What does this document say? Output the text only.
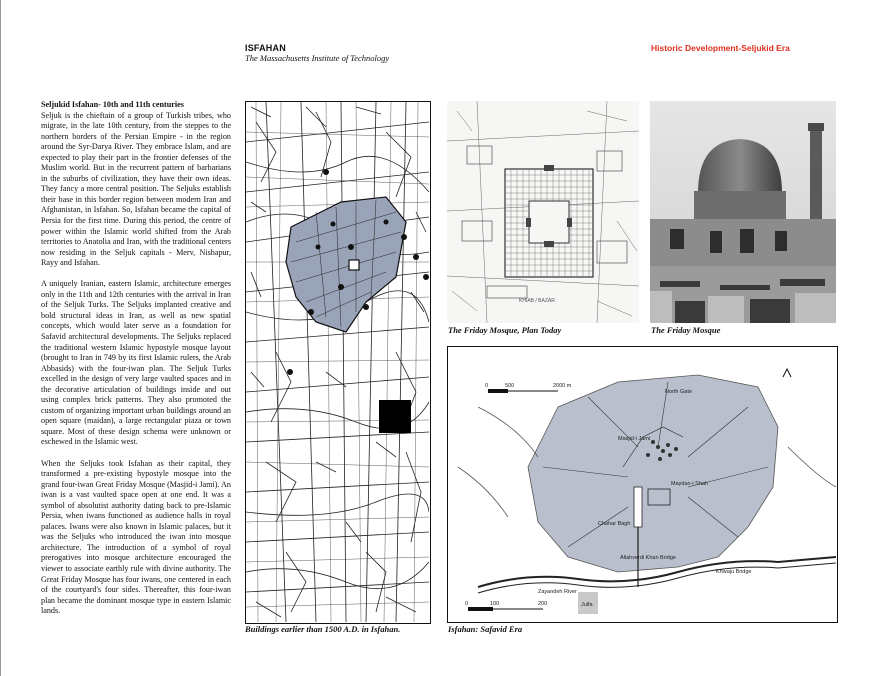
ISFAHAN
The Massachusetts Institute of Technology
Historic Development-Seljukid Era

Seljukid Isfahan- 10th and 11th centuries

Seljuk is the chieftain of a group of Turkish tribes, who migrate, in the late 10th century, from the steppes to the northern borders of the Persian Empire - in the region around the Syr-Darya River. They embrace Islam, and are expected to play their part in the frontier defenses of the Muslim world. But in the recurrent pattern of barbarians in the suburbs of civilization, they have their own ideas. They fancy a more central position. The Seljuks establish their base in this border region between modern Iran and Afghanistan, in Isfahan. So, Isfahan became the capital of Persia for the first time. During this period, the centre of power within the Islamic world shifted from the Arab territories to Anatolia and Iran, with the traditional centers now residing in the Seljuk capitals - Merv, Nishapur, Rayy and Isfahan.

A uniquely Iranian, eastern Islamic, architecture emerges only in the 11th and 12th centuries with the arrival in Iran of the Seljuk Turks. The Seljuks implanted creative and bold structural ideas in Iran, as well as new spatial concepts, which would later serve as a foundation for Safavid architectural developments. The Seljuks replaced the traditional western Islamic hypostyle mosque layout (brought to Iran in 749 by its first Islamic rulers, the Arab Abbasids) with the four-iwan plan. The Seljuk Turks excelled in the design of very large vaulted spaces and in the decorative articulation of buildings inside and out using complex brick patterns. They also promoted the custom of organizing important urban buildings around an open square (maidan), a large rectangular piaza or town square. Most of these design schema were unknown or eschewed in the Islamic west.

When the Seljuks took Isfahan as their capital, they transformed a pre-existing hypostyle mosque into the grand four-iwan Great Friday Mosque (Masjid-i Jami). An iwan is a vast vaulted space open at one end. It was a symbol of absolutist authority dating back to pre-Islamic Persia, when iwans functioned as audience halls in royal palaces. Iwans were also known in Islamic palaces, but it was the Seljuks who introduced the iwan into mosque architecture. The introduction of a symbol of royal prerogatives into mosque architecture encouraged the viewer to associate earthly rule with divine authority. The Great Friday Mosque has four iwans, one centered in each of the courtyard's four sides. Thereafter, this four-iwan plan became the dominant mosque type in eastern Islamic lands.

Buildings earlier than 1500 A.D. in Isfahan.
KHIAB / BAZAR
The Friday Mosque, Plan Today	The Friday Mosque
0	500	2000 m
0	100	200
North Gate
Masjid-i Jami
Maydan-i Shah
Chahar Bagh
Allahverdi Khan Bridge
Khwaju Bridge
Zayandeh River
Julfa
Isfahan: Safavid Era
